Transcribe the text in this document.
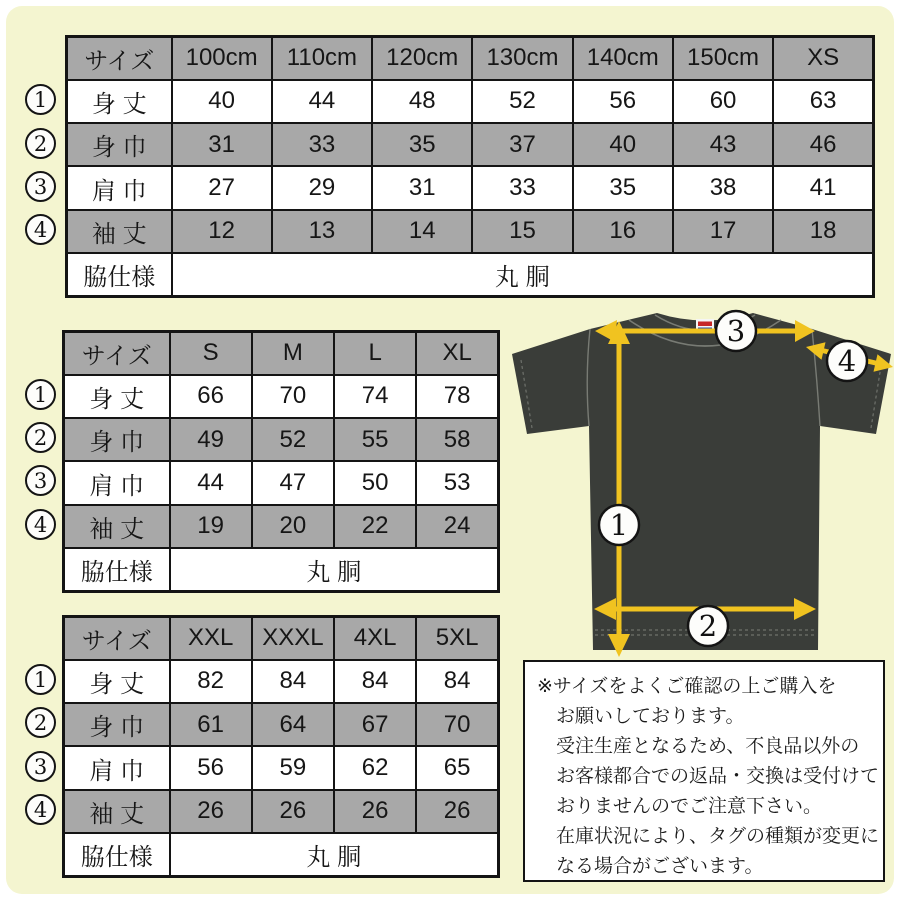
サイズ	100cm	110cm	120cm	130cm	140cm	150cm	XS
身 丈	40	44	48	52	56	60	63
身 巾	31	33	35	37	40	43	46
肩 巾	27	29	31	33	35	38	41
袖 丈	12	13	14	15	16	17	18
脇仕様	丸 胴						
1
2
3
4
サイズ	S	M	L	XL
身 丈	66	70	74	78
身 巾	49	52	55	58
肩 巾	44	47	50	53
袖 丈	19	20	22	24
脇仕様	丸 胴			
1
2
3
4
サイズ	XXL	XXXL	4XL	5XL
身 丈	82	84	84	84
身 巾	61	64	67	70
肩 巾	56	59	62	65
袖 丈	26	26	26	26
脇仕様	丸 胴			
1
2
3
4
3
4
1
2
※サイズをよくご確認の上ご購入を
お願いしております。
受注生産となるため、不良品以外の
お客様都合での返品・交換は受付けて
おりませんのでご注意下さい。
在庫状況により、タグの種類が変更に
なる場合がございます。
